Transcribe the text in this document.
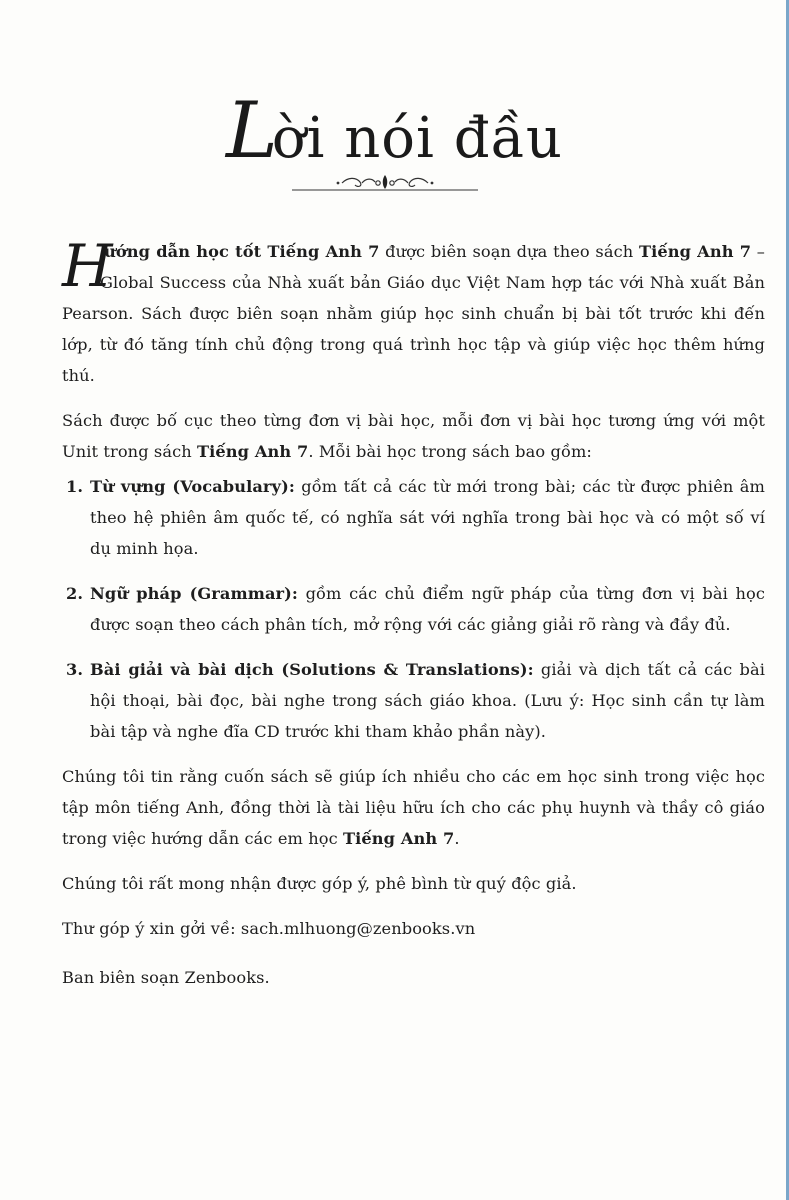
Lời nói đầu

H
ướng dẫn học tốt Tiếng Anh 7 được biên soạn dựa theo sách Tiếng Anh 7 – Global Success của Nhà xuất bản Giáo dục Việt Nam hợp tác với Nhà xuất Bản Pearson. Sách được biên soạn nhằm giúp học sinh chuẩn bị bài tốt trước khi đến lớp, từ đó tăng tính chủ động trong quá trình học tập và giúp việc học thêm hứng thú.

Sách được bố cục theo từng đơn vị bài học, mỗi đơn vị bài học tương ứng với một Unit trong sách Tiếng Anh 7. Mỗi bài học trong sách bao gồm:

1. Từ vựng (Vocabulary): gồm tất cả các từ mới trong bài; các từ được phiên âm theo hệ phiên âm quốc tế, có nghĩa sát với nghĩa trong bài học và có một số ví dụ minh họa.
2. Ngữ pháp (Grammar): gồm các chủ điểm ngữ pháp của từng đơn vị bài học được soạn theo cách phân tích, mở rộng với các giảng giải rõ ràng và đầy đủ.
3. Bài giải và bài dịch (Solutions & Translations): giải và dịch tất cả các bài hội thoại, bài đọc, bài nghe trong sách giáo khoa. (Lưu ý: Học sinh cần tự làm bài tập và nghe đĩa CD trước khi tham khảo phần này).

Chúng tôi tin rằng cuốn sách sẽ giúp ích nhiều cho các em học sinh trong việc học tập môn tiếng Anh, đồng thời là tài liệu hữu ích cho các phụ huynh và thầy cô giáo trong việc hướng dẫn các em học Tiếng Anh 7.

Chúng tôi rất mong nhận được góp ý, phê bình từ quý độc giả.

Thư góp ý xin gởi về: sach.mlhuong@zenbooks.vn

Ban biên soạn Zenbooks.
